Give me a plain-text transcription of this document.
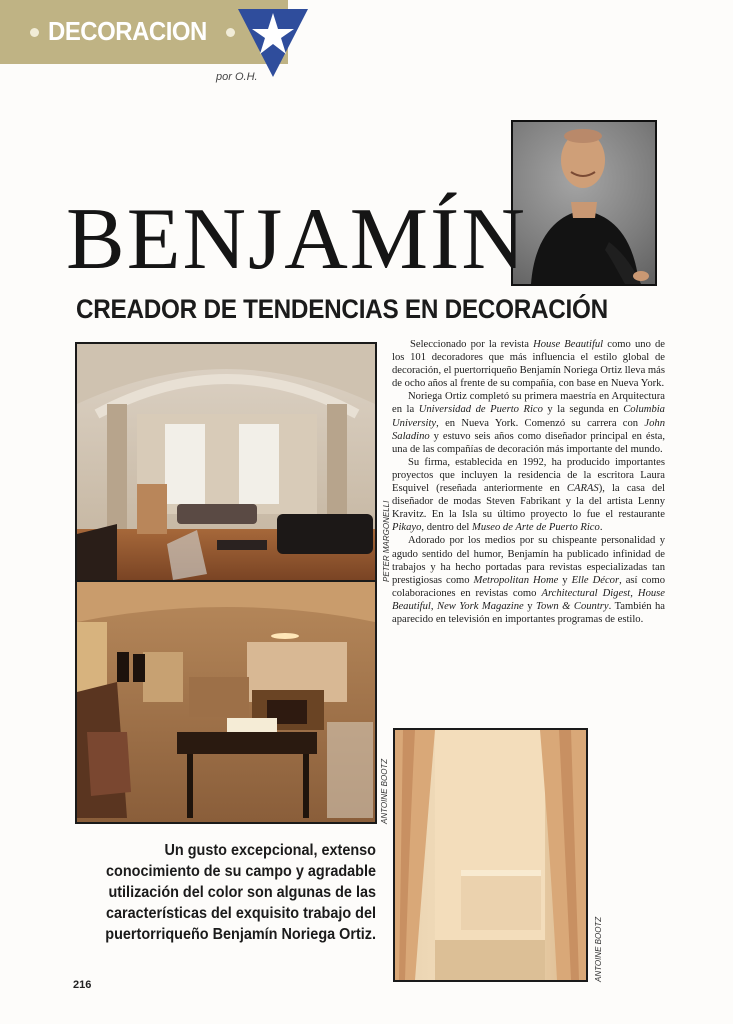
DECORACION
por O.H.
BENJAMÍN
CREADOR DE TENDENCIAS EN DECORACIÓN
PETER MARGONELLI
ANTOINE BOOTZ

Seleccionado por la revista House Beautiful como uno de los 101 decoradores que más influencia el estilo global de decoración, el puertorriqueño Benjamín Noriega Ortiz lleva más de ocho años al frente de su compañía, con base en Nueva York.

Noriega Ortiz completó su primera maestría en Arquitectura en la Universidad de Puerto Rico y la segunda en Columbia University, en Nueva York. Comenzó su carrera con John Saladino y estuvo seis años como diseñador principal en ésta, una de las compañías de decoración más importante del mundo.

Su firma, establecida en 1992, ha producido importantes proyectos que incluyen la residencia de la escritora Laura Esquivel (reseñada anteriormente en CARAS), la casa del diseñador de modas Steven Fabrikant y la del artista Lenny Kravitz. En la Isla su último proyecto lo fue el restaurante Pikayo, dentro del Museo de Arte de Puerto Rico.

Adorado por los medios por su chispeante personalidad y agudo sentido del humor, Benjamín ha publicado infinidad de trabajos y ha hecho portadas para revistas especializadas tan prestigiosas como Metropolitan Home y Elle Décor, así como colaboraciones en revistas como Architectural Digest, House Beautiful, New York Magazine y Town & Country. También ha aparecido en televisión en importantes programas de estilo.

ANTOINE BOOTZ
Un gusto excepcional, extenso conocimiento de su campo y agradable utilización del color son algunas de las características del exquisito trabajo del puertorriqueño Benjamín Noriega Ortiz.
216
